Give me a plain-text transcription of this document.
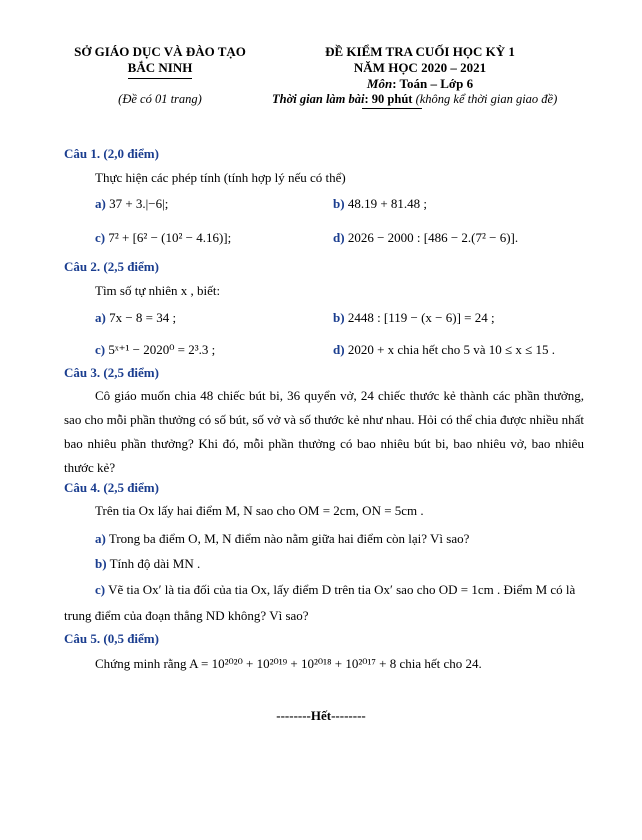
SỞ GIÁO DỤC VÀ ĐÀO TẠO
BẮC NINH
(Đề có 01 trang)
ĐỀ KIỂM TRA CUỐI HỌC KỲ 1
NĂM HỌC 2020 – 2021
Môn: Toán – Lớp 6
Thời gian làm bài: 90 phút (không kể thời gian giao đề)
Câu 1. (2,0 điểm)
Thực hiện các phép tính (tính hợp lý nếu có thể)
a) 37 + 3.|−6|;	b) 48.19 + 81.48 ;
c) 7² + [6² − (10² − 4.16)];	d) 2026 − 2000 : [486 − 2.(7² − 6)].
Câu 2. (2,5 điểm)
Tìm số tự nhiên x , biết:
a) 7x − 8 = 34 ;	b) 2448 : [119 − (x − 6)] = 24 ;
c) 5ˣ⁺¹ − 2020⁰ = 2³.3 ;	d) 2020 + x chia hết cho 5 và 10 ≤ x ≤ 15 .
Câu 3. (2,5 điểm)
Cô giáo muốn chia 48 chiếc bút bi, 36 quyển vở, 24 chiếc thước kẻ thành các phần thưởng, sao cho mỗi phần thưởng có số bút, số vở và số thước kẻ như nhau. Hỏi có thể chia được nhiều nhất bao nhiêu phần thưởng? Khi đó, mỗi phần thưởng có bao nhiêu bút bi, bao nhiêu vở, bao nhiêu thước kẻ?
Câu 4. (2,5 điểm)
Trên tia Ox lấy hai điểm M, N sao cho OM = 2cm, ON = 5cm .
a) Trong ba điểm O, M, N điểm nào nằm giữa hai điểm còn lại? Vì sao?
b) Tính độ dài MN .
c) Vẽ tia Ox′ là tia đối của tia Ox, lấy điểm D trên tia Ox′ sao cho OD = 1cm . Điểm M có là
trung điểm của đoạn thẳng ND không? Vì sao?
Câu 5. (0,5 điểm)
Chứng minh rằng A = 10²⁰²⁰ + 10²⁰¹⁹ + 10²⁰¹⁸ + 10²⁰¹⁷ + 8 chia hết cho 24.
--------Hết--------
